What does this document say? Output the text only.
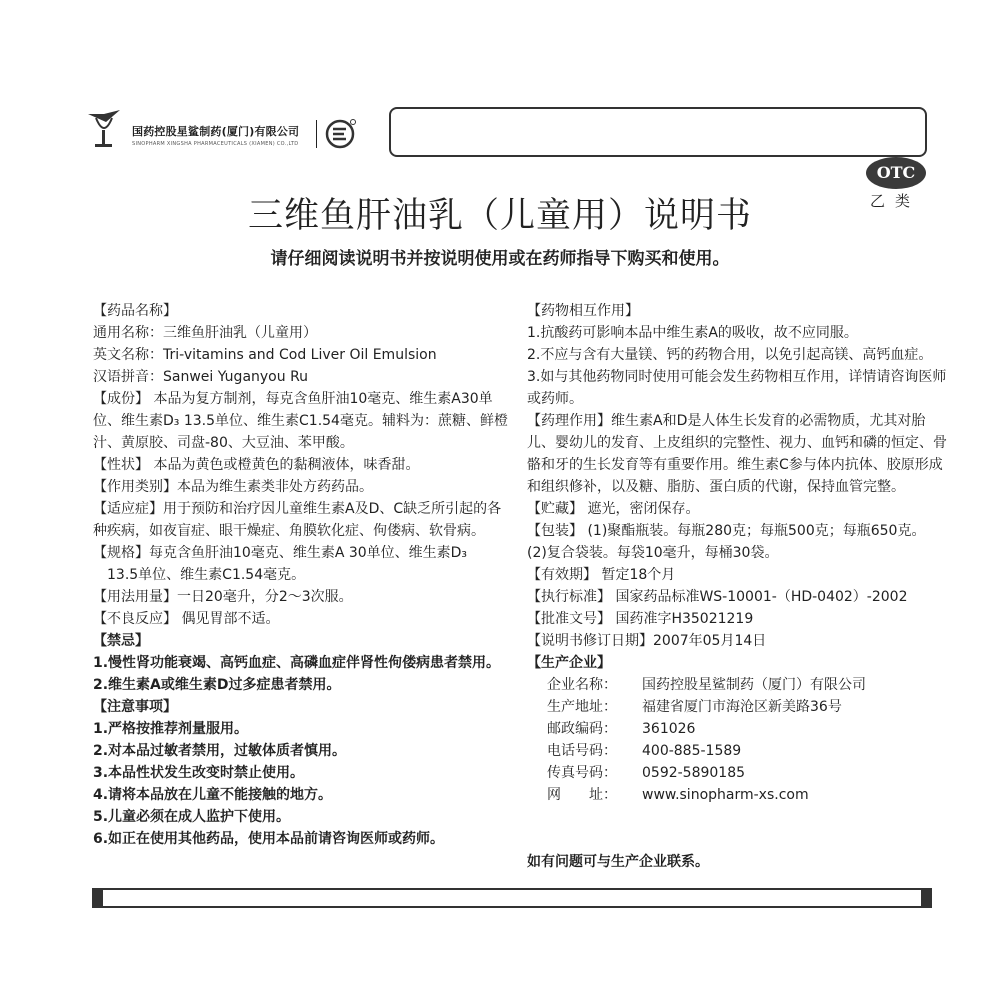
国药控股星鲨制药(厦门)有限公司
SINOPHARM XINGSHA PHARMACEUTICALS (XIAMEN) CO.,LTD
OTC
乙类
三维鱼肝油乳（儿童用）说明书
请仔细阅读说明书并按说明使用或在药师指导下购买和使用。

【药品名称】

通用名称：三维鱼肝油乳（儿童用）

英文名称：Tri-vitamins and Cod Liver Oil Emulsion

汉语拼音：Sanwei Yuganyou Ru

【成份】 本品为复方制剂，每克含鱼肝油10毫克、维生素A30单位、维生素D₃ 13.5单位、维生素C1.54毫克。辅料为：蔗糖、鲜橙汁、黄原胶、司盘-80、大豆油、苯甲酸。

【性状】 本品为黄色或橙黄色的黏稠液体，味香甜。

【作用类别】本品为维生素类非处方药药品。

【适应症】用于预防和治疗因儿童维生素A及D、C缺乏所引起的各种疾病，如夜盲症、眼干燥症、角膜软化症、佝偻病、软骨病。

【规格】每克含鱼肝油10毫克、维生素A 30单位、维生素D₃

13.5单位、维生素C1.54毫克。

【用法用量】一日20毫升，分2～3次服。

【不良反应】 偶见胃部不适。

【禁忌】

1.慢性肾功能衰竭、高钙血症、高磷血症伴肾性佝偻病患者禁用。

2.维生素A或维生素D过多症患者禁用。

【注意事项】

1.严格按推荐剂量服用。

2.对本品过敏者禁用，过敏体质者慎用。

3.本品性状发生改变时禁止使用。

4.请将本品放在儿童不能接触的地方。

5.儿童必须在成人监护下使用。

6.如正在使用其他药品，使用本品前请咨询医师或药师。

【药物相互作用】

1.抗酸药可影响本品中维生素A的吸收，故不应同服。

2.不应与含有大量镁、钙的药物合用，以免引起高镁、高钙血症。

3.如与其他药物同时使用可能会发生药物相互作用，详情请咨询医师或药师。

【药理作用】维生素A和D是人体生长发育的必需物质，尤其对胎儿、婴幼儿的发育、上皮组织的完整性、视力、血钙和磷的恒定、骨骼和牙的生长发育等有重要作用。维生素C参与体内抗体、胶原形成和组织修补，以及糖、脂肪、蛋白质的代谢，保持血管完整。

【贮藏】 遮光，密闭保存。

【包装】 (1)聚酯瓶装。每瓶280克；每瓶500克；每瓶650克。

(2)复合袋装。每袋10毫升，每桶30袋。

【有效期】 暂定18个月

【执行标准】 国家药品标准WS-10001-（HD-0402）-2002

【批准文号】 国药准字H35021219

【说明书修订日期】2007年05月14日

【生产企业】

企业名称：	国药控股星鲨制药（厦门）有限公司
生产地址：	福建省厦门市海沧区新美路36号
邮政编码：	361026
电话号码：	400-885-1589
传真号码：	0592-5890185
网　　址：	www.sinopharm-xs.com
如有问题可与生产企业联系。
